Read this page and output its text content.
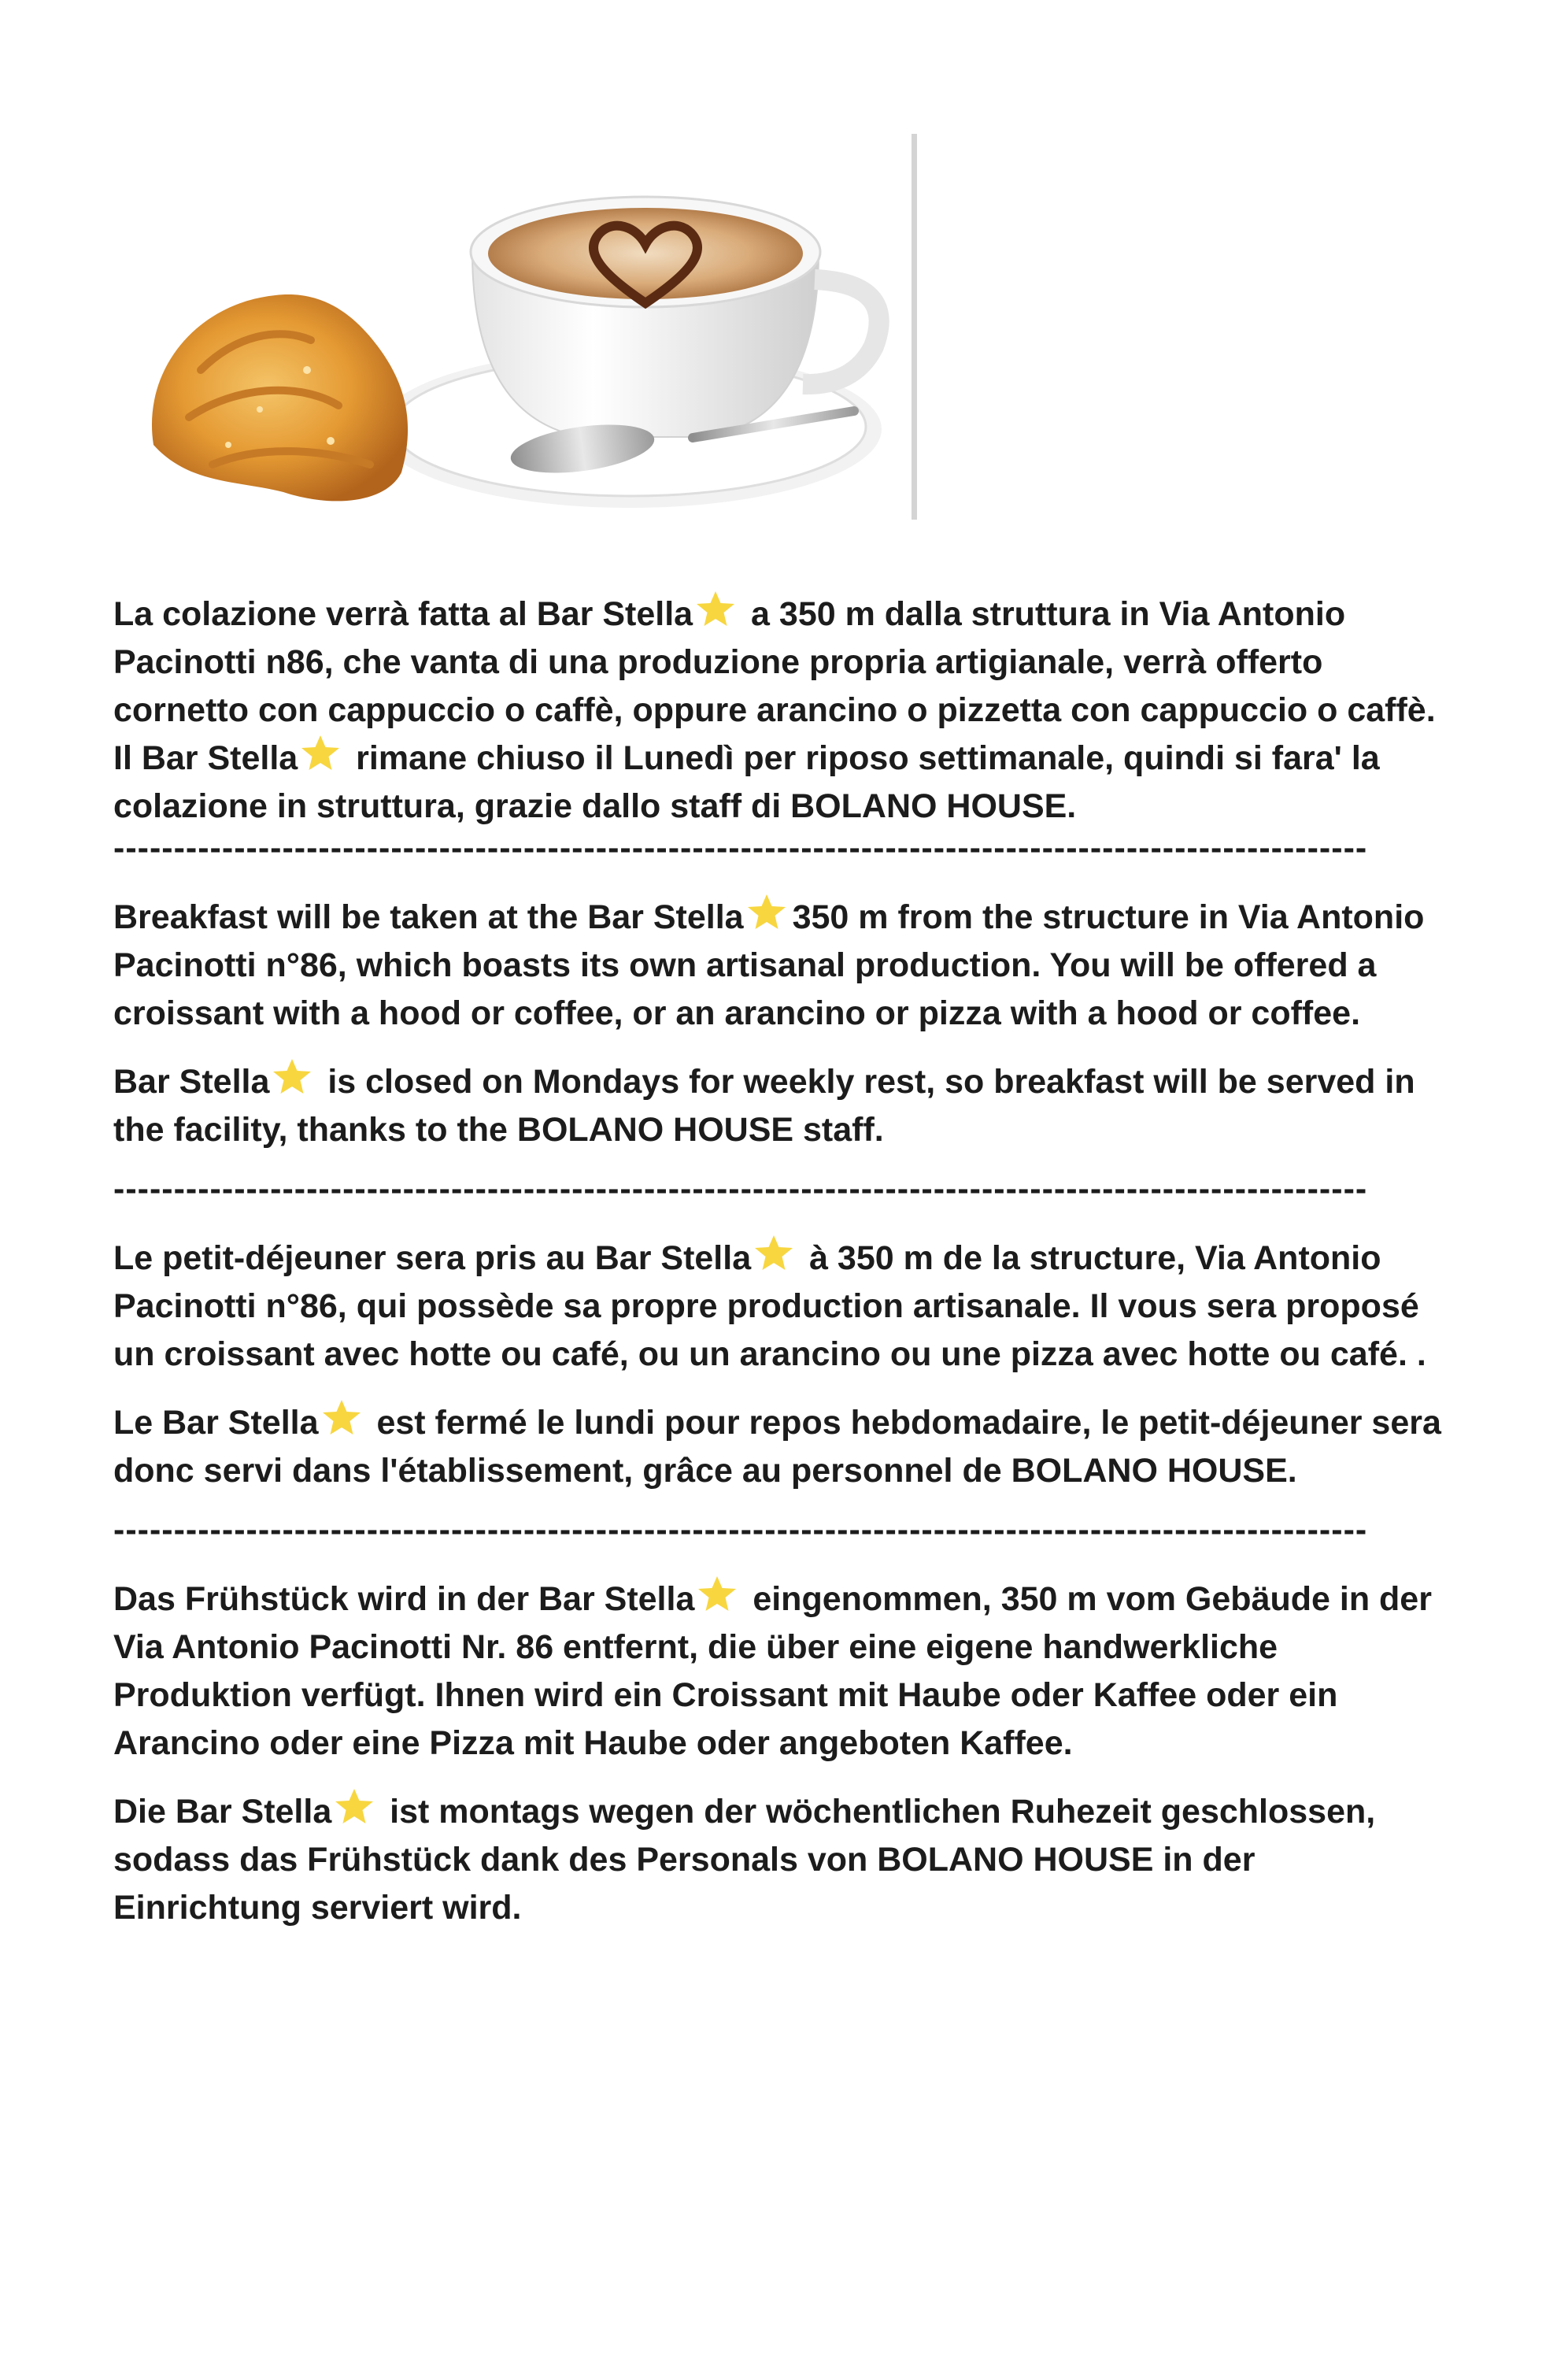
La colazione verrà fatta al Bar Stella
a 350 m dalla struttura in Via Antonio Pacinotti n86, che vanta di una produzione propria artigianale, verrà offerto cornetto con cappuccio o caffè, oppure arancino o pizzetta con cappuccio o caffè.

Il Bar Stella
rimane chiuso il Lunedì per riposo settimanale, quindi si fara' la colazione in struttura, grazie dallo staff di BOLANO HOUSE.

--------------------------------------------------------------------------------------------------------

Breakfast will be taken at the Bar Stella 350 m from the structure in Via Antonio Pacinotti n°86, which boasts its own artisanal production. You will be offered a croissant with a hood or coffee, or an arancino or pizza with a hood or coffee.

Bar Stella
is closed on Mondays for weekly rest, so breakfast will be served in the facility, thanks to the BOLANO HOUSE staff.

--------------------------------------------------------------------------------------------------------

Le petit-déjeuner sera pris au Bar Stella
à 350 m de la structure, Via Antonio Pacinotti n°86, qui possède sa propre production artisanale. Il vous sera proposé un croissant avec hotte ou café, ou un arancino ou une pizza avec hotte ou café. .

Le Bar Stella
est fermé le lundi pour repos hebdomadaire, le petit-déjeuner sera donc servi dans l'établissement, grâce au personnel de BOLANO HOUSE.

--------------------------------------------------------------------------------------------------------

Das Frühstück wird in der Bar Stella
eingenommen, 350 m vom Gebäude in der Via Antonio Pacinotti Nr. 86 entfernt, die über eine eigene handwerkliche Produktion verfügt. Ihnen wird ein Croissant mit Haube oder Kaffee oder ein Arancino oder eine Pizza mit Haube oder angeboten Kaffee.

Die Bar Stella
ist montags wegen der wöchentlichen Ruhezeit geschlossen, sodass das Frühstück dank des Personals von BOLANO HOUSE in der Einrichtung serviert wird.
